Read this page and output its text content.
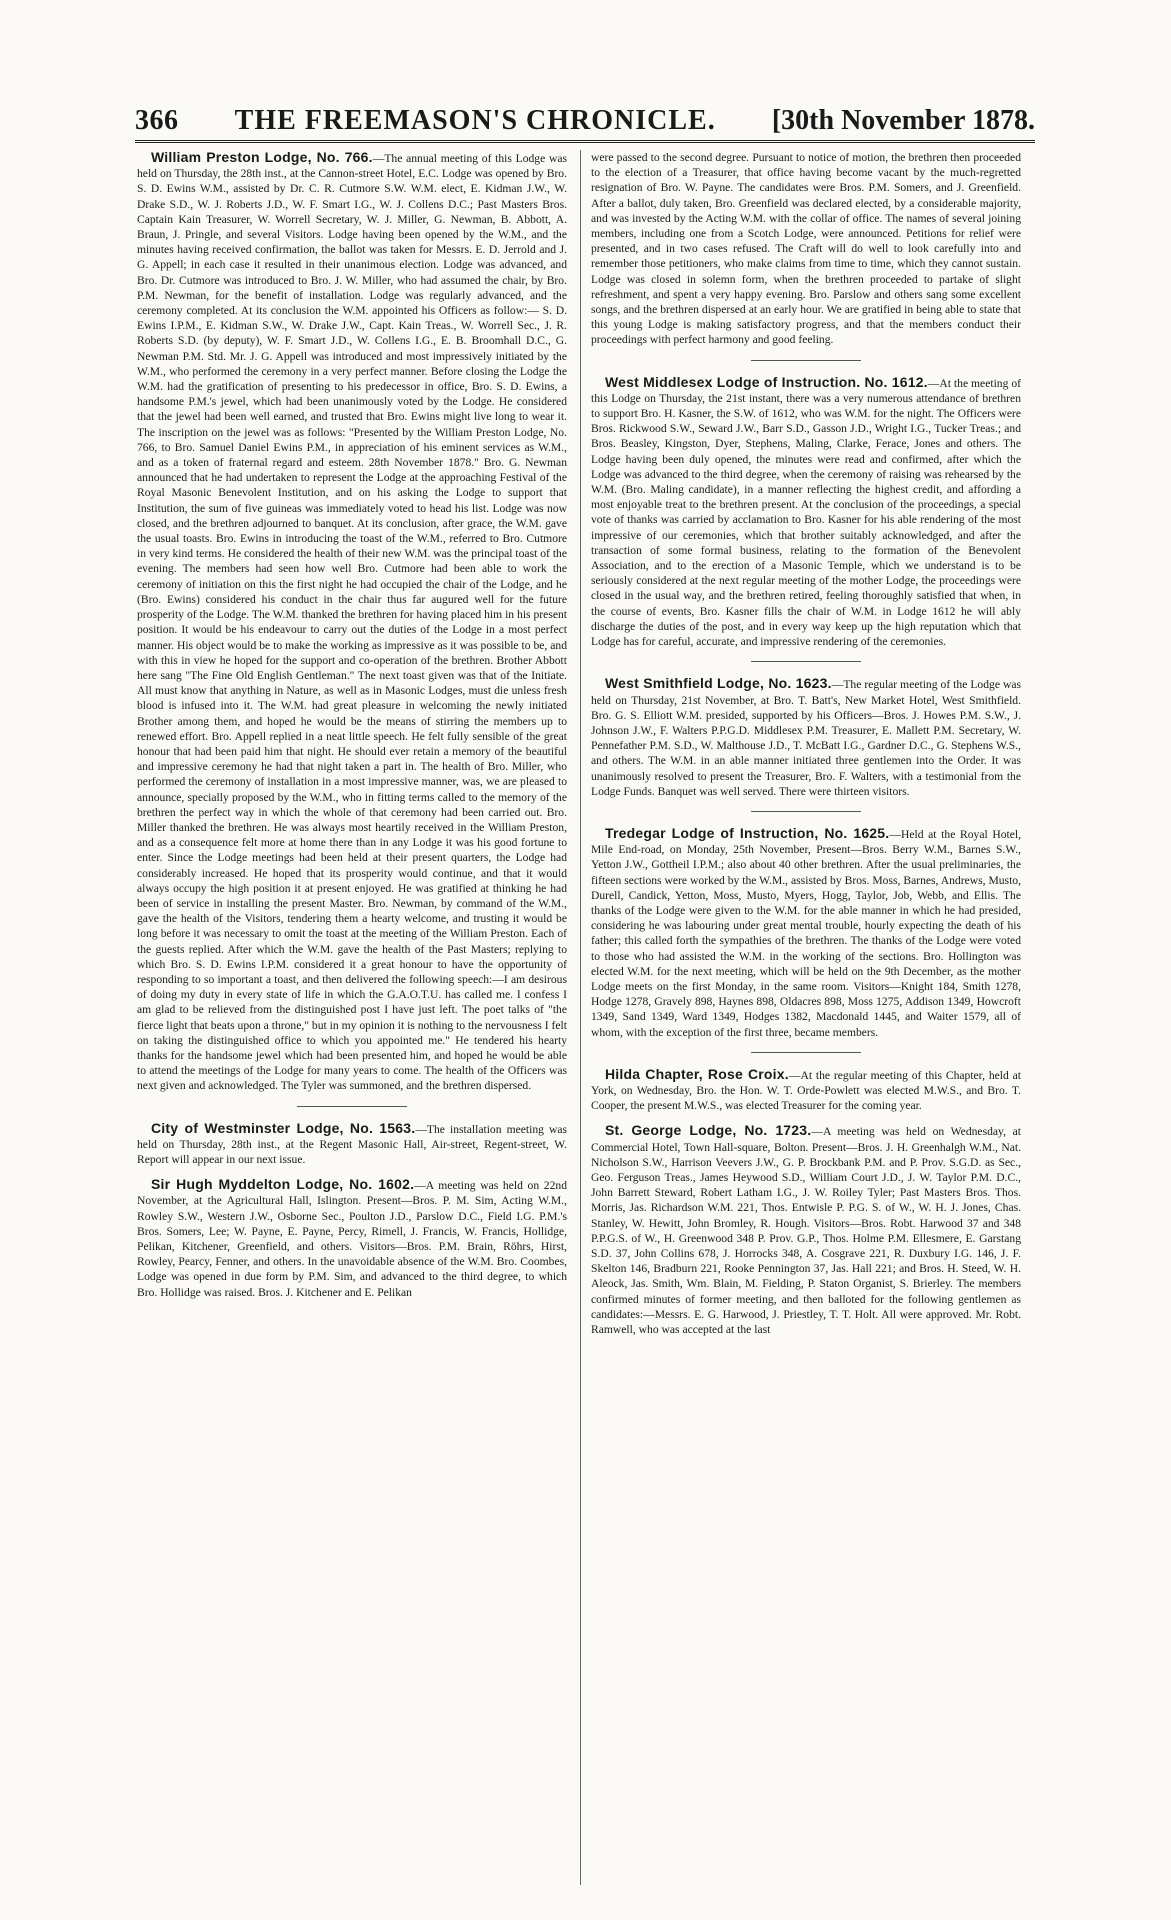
366 THE FREEMASON'S CHRONICLE. [30th November 1878.

William Preston Lodge, No. 766.—The annual meeting of this Lodge was held on Thursday, the 28th inst., at the Cannon-street Hotel, E.C. Lodge was opened by Bro. S. D. Ewins W.M., assisted by Dr. C. R. Cutmore S.W. W.M. elect, E. Kidman J.W., W. Drake S.D., W. J. Roberts J.D., W. F. Smart I.G., W. J. Collens D.C.; Past Masters Bros. Captain Kain Treasurer, W. Worrell Secretary, W. J. Miller, G. Newman, B. Abbott, A. Braun, J. Pringle, and several Visitors. Lodge having been opened by the W.M., and the minutes having received confirmation, the ballot was taken for Messrs. E. D. Jerrold and J. G. Appell; in each case it resulted in their unanimous election. Lodge was advanced, and Bro. Dr. Cutmore was introduced to Bro. J. W. Miller, who had assumed the chair, by Bro. P.M. Newman, for the benefit of installation. Lodge was regularly advanced, and the ceremony completed. At its conclusion the W.M. appointed his Officers as follow:— S. D. Ewins I.P.M., E. Kidman S.W., W. Drake J.W., Capt. Kain Treas., W. Worrell Sec., J. R. Roberts S.D. (by deputy), W. F. Smart J.D., W. Collens I.G., E. B. Broomhall D.C., G. Newman P.M. Std. Mr. J. G. Appell was introduced and most impressively initiated by the W.M., who performed the ceremony in a very perfect manner. Before closing the Lodge the W.M. had the gratification of presenting to his predecessor in office, Bro. S. D. Ewins, a handsome P.M.'s jewel, which had been unanimously voted by the Lodge. He considered that the jewel had been well earned, and trusted that Bro. Ewins might live long to wear it. The inscription on the jewel was as follows: "Presented by the William Preston Lodge, No. 766, to Bro. Samuel Daniel Ewins P.M., in appreciation of his eminent services as W.M., and as a token of fraternal regard and esteem. 28th November 1878." Bro. G. Newman announced that he had undertaken to represent the Lodge at the approaching Festival of the Royal Masonic Benevolent Institution, and on his asking the Lodge to support that Institution, the sum of five guineas was immediately voted to head his list. Lodge was now closed, and the brethren adjourned to banquet. At its conclusion, after grace, the W.M. gave the usual toasts. Bro. Ewins in introducing the toast of the W.M., referred to Bro. Cutmore in very kind terms. He considered the health of their new W.M. was the principal toast of the evening. The members had seen how well Bro. Cutmore had been able to work the ceremony of initiation on this the first night he had occupied the chair of the Lodge, and he (Bro. Ewins) considered his conduct in the chair thus far augured well for the future prosperity of the Lodge. The W.M. thanked the brethren for having placed him in his present position. It would be his endeavour to carry out the duties of the Lodge in a most perfect manner. His object would be to make the working as impressive as it was possible to be, and with this in view he hoped for the support and co-operation of the brethren. Brother Abbott here sang "The Fine Old English Gentleman." The next toast given was that of the Initiate. All must know that anything in Nature, as well as in Masonic Lodges, must die unless fresh blood is infused into it. The W.M. had great pleasure in welcoming the newly initiated Brother among them, and hoped he would be the means of stirring the members up to renewed effort. Bro. Appell replied in a neat little speech. He felt fully sensible of the great honour that had been paid him that night. He should ever retain a memory of the beautiful and impressive ceremony he had that night taken a part in. The health of Bro. Miller, who performed the ceremony of installation in a most impressive manner, was, we are pleased to announce, specially proposed by the W.M., who in fitting terms called to the memory of the brethren the perfect way in which the whole of that ceremony had been carried out. Bro. Miller thanked the brethren. He was always most heartily received in the William Preston, and as a consequence felt more at home there than in any Lodge it was his good fortune to enter. Since the Lodge meetings had been held at their present quarters, the Lodge had considerably increased. He hoped that its prosperity would continue, and that it would always occupy the high position it at present enjoyed. He was gratified at thinking he had been of service in installing the present Master. Bro. Newman, by command of the W.M., gave the health of the Visitors, tendering them a hearty welcome, and trusting it would be long before it was necessary to omit the toast at the meeting of the William Preston. Each of the guests replied. After which the W.M. gave the health of the Past Masters; replying to which Bro. S. D. Ewins I.P.M. considered it a great honour to have the opportunity of responding to so important a toast, and then delivered the following speech:—I am desirous of doing my duty in every state of life in which the G.A.O.T.U. has called me. I confess I am glad to be relieved from the distinguished post I have just left. The poet talks of "the fierce light that beats upon a throne," but in my opinion it is nothing to the nervousness I felt on taking the distinguished office to which you appointed me." He tendered his hearty thanks for the handsome jewel which had been presented him, and hoped he would be able to attend the meetings of the Lodge for many years to come. The health of the Officers was next given and acknowledged. The Tyler was summoned, and the brethren dispersed.

City of Westminster Lodge, No. 1563.—The installation meeting was held on Thursday, 28th inst., at the Regent Masonic Hall, Air-street, Regent-street, W. Report will appear in our next issue.

Sir Hugh Myddelton Lodge, No. 1602.—A meeting was held on 22nd November, at the Agricultural Hall, Islington. Present—Bros. P. M. Sim, Acting W.M., Rowley S.W., Western J.W., Osborne Sec., Poulton J.D., Parslow D.C., Field I.G. P.M.'s Bros. Somers, Lee; W. Payne, E. Payne, Percy, Rimell, J. Francis, W. Francis, Hollidge, Pelikan, Kitchener, Greenfield, and others. Visitors—Bros. P.M. Brain, Röhrs, Hirst, Rowley, Pearcy, Fenner, and others. In the unavoidable absence of the W.M. Bro. Coombes, Lodge was opened in due form by P.M. Sim, and advanced to the third degree, to which Bro. Hollidge was raised. Bros. J. Kitchener and E. Pelikan

were passed to the second degree. Pursuant to notice of motion, the brethren then proceeded to the election of a Treasurer, that office having become vacant by the much-regretted resignation of Bro. W. Payne. The candidates were Bros. P.M. Somers, and J. Greenfield. After a ballot, duly taken, Bro. Greenfield was declared elected, by a considerable majority, and was invested by the Acting W.M. with the collar of office. The names of several joining members, including one from a Scotch Lodge, were announced. Petitions for relief were presented, and in two cases refused. The Craft will do well to look carefully into and remember those petitioners, who make claims from time to time, which they cannot sustain. Lodge was closed in solemn form, when the brethren proceeded to partake of slight refreshment, and spent a very happy evening. Bro. Parslow and others sang some excellent songs, and the brethren dispersed at an early hour. We are gratified in being able to state that this young Lodge is making satisfactory progress, and that the members conduct their proceedings with perfect harmony and good feeling.

West Middlesex Lodge of Instruction. No. 1612.—At the meeting of this Lodge on Thursday, the 21st instant, there was a very numerous attendance of brethren to support Bro. H. Kasner, the S.W. of 1612, who was W.M. for the night. The Officers were Bros. Rickwood S.W., Seward J.W., Barr S.D., Gasson J.D., Wright I.G., Tucker Treas.; and Bros. Beasley, Kingston, Dyer, Stephens, Maling, Clarke, Ferace, Jones and others. The Lodge having been duly opened, the minutes were read and confirmed, after which the Lodge was advanced to the third degree, when the ceremony of raising was rehearsed by the W.M. (Bro. Maling candidate), in a manner reflecting the highest credit, and affording a most enjoyable treat to the brethren present. At the conclusion of the proceedings, a special vote of thanks was carried by acclamation to Bro. Kasner for his able rendering of the most impressive of our ceremonies, which that brother suitably acknowledged, and after the transaction of some formal business, relating to the formation of the Benevolent Association, and to the erection of a Masonic Temple, which we understand is to be seriously considered at the next regular meeting of the mother Lodge, the proceedings were closed in the usual way, and the brethren retired, feeling thoroughly satisfied that when, in the course of events, Bro. Kasner fills the chair of W.M. in Lodge 1612 he will ably discharge the duties of the post, and in every way keep up the high reputation which that Lodge has for careful, accurate, and impressive rendering of the ceremonies.

West Smithfield Lodge, No. 1623.—The regular meeting of the Lodge was held on Thursday, 21st November, at Bro. T. Batt's, New Market Hotel, West Smithfield. Bro. G. S. Elliott W.M. presided, supported by his Officers—Bros. J. Howes P.M. S.W., J. Johnson J.W., F. Walters P.P.G.D. Middlesex P.M. Treasurer, E. Mallett P.M. Secretary, W. Pennefather P.M. S.D., W. Malthouse J.D., T. McBatt I.G., Gardner D.C., G. Stephens W.S., and others. The W.M. in an able manner initiated three gentlemen into the Order. It was unanimously resolved to present the Treasurer, Bro. F. Walters, with a testimonial from the Lodge Funds. Banquet was well served. There were thirteen visitors.

Tredegar Lodge of Instruction, No. 1625.—Held at the Royal Hotel, Mile End-road, on Monday, 25th November, Present—Bros. Berry W.M., Barnes S.W., Yetton J.W., Gottheil I.P.M.; also about 40 other brethren. After the usual preliminaries, the fifteen sections were worked by the W.M., assisted by Bros. Moss, Barnes, Andrews, Musto, Durell, Candick, Yetton, Moss, Musto, Myers, Hogg, Taylor, Job, Webb, and Ellis. The thanks of the Lodge were given to the W.M. for the able manner in which he had presided, considering he was labouring under great mental trouble, hourly expecting the death of his father; this called forth the sympathies of the brethren. The thanks of the Lodge were voted to those who had assisted the W.M. in the working of the sections. Bro. Hollington was elected W.M. for the next meeting, which will be held on the 9th December, as the mother Lodge meets on the first Monday, in the same room. Visitors—Knight 184, Smith 1278, Hodge 1278, Gravely 898, Haynes 898, Oldacres 898, Moss 1275, Addison 1349, Howcroft 1349, Sand 1349, Ward 1349, Hodges 1382, Macdonald 1445, and Waiter 1579, all of whom, with the exception of the first three, became members.

Hilda Chapter, Rose Croix.—At the regular meeting of this Chapter, held at York, on Wednesday, Bro. the Hon. W. T. Orde-Powlett was elected M.W.S., and Bro. T. Cooper, the present M.W.S., was elected Treasurer for the coming year.

St. George Lodge, No. 1723.—A meeting was held on Wednesday, at Commercial Hotel, Town Hall-square, Bolton. Present—Bros. J. H. Greenhalgh W.M., Nat. Nicholson S.W., Harrison Veevers J.W., G. P. Brockbank P.M. and P. Prov. S.G.D. as Sec., Geo. Ferguson Treas., James Heywood S.D., William Court J.D., J. W. Taylor P.M. D.C., John Barrett Steward, Robert Latham I.G., J. W. Roiley Tyler; Past Masters Bros. Thos. Morris, Jas. Richardson W.M. 221, Thos. Entwisle P. P.G. S. of W., W. H. J. Jones, Chas. Stanley, W. Hewitt, John Bromley, R. Hough. Visitors—Bros. Robt. Harwood 37 and 348 P.P.G.S. of W., H. Greenwood 348 P. Prov. G.P., Thos. Holme P.M. Ellesmere, E. Garstang S.D. 37, John Collins 678, J. Horrocks 348, A. Cosgrave 221, R. Duxbury I.G. 146, J. F. Skelton 146, Bradburn 221, Rooke Pennington 37, Jas. Hall 221; and Bros. H. Steed, W. H. Aleock, Jas. Smith, Wm. Blain, M. Fielding, P. Staton Organist, S. Brierley. The members confirmed minutes of former meeting, and then balloted for the following gentlemen as candidates:—Messrs. E. G. Harwood, J. Priestley, T. T. Holt. All were approved. Mr. Robt. Ramwell, who was accepted at the last
